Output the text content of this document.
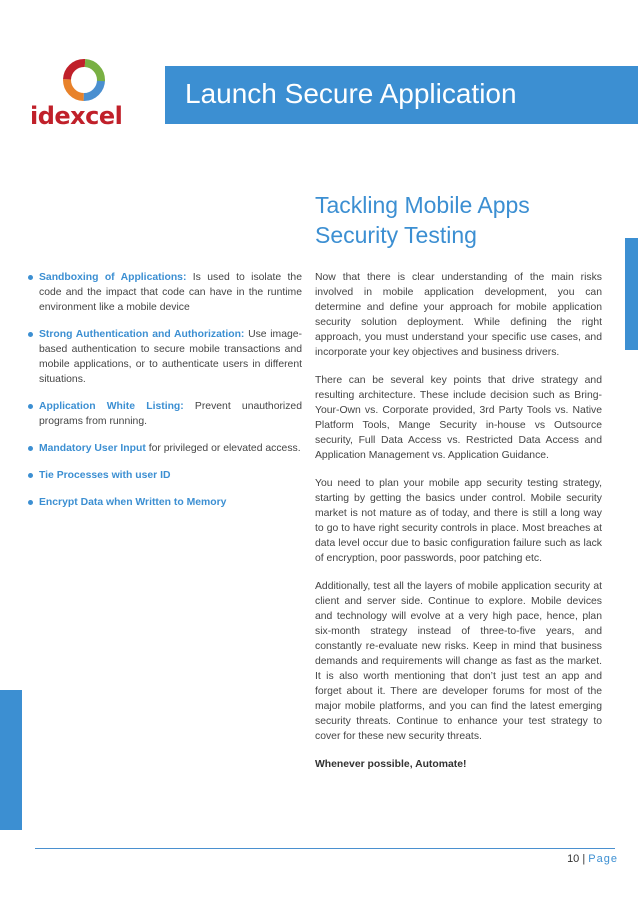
idexcel
Launch Secure Application
Tackling Mobile Apps Security Testing
Sandboxing of Applications: Is used to isolate the code and the impact that code can have in the runtime environment like a mobile device
Strong Authentication and Authorization: Use image-based authentication to secure mobile transactions and mobile applications, or to authenticate users in different situations.
Application White Listing: Prevent unauthorized programs from running.
Mandatory User Input for privileged or elevated access.
Tie Processes with user ID
Encrypt Data when Written to Memory

Now that there is clear understanding of the main risks involved in mobile application development, you can determine and define your approach for mobile application security solution deployment. While defining the right approach, you must understand your specific use cases, and incorporate your key objectives and business drivers.

There can be several key points that drive strategy and resulting architecture. These include decision such as Bring-Your-Own vs. Corporate provided, 3rd Party Tools vs. Native Platform Tools, Mange Security in-house vs Outsource security, Full Data Access vs. Restricted Data Access and Application Management vs. Application Guidance.

You need to plan your mobile app security testing strategy, starting by getting the basics under control. Mobile security market is not mature as of today, and there is still a long way to go to have right security controls in place. Most breaches at data level occur due to basic configuration failure such as lack of encryption, poor passwords, poor patching etc.

Additionally, test all the layers of mobile application security at client and server side. Continue to explore. Mobile devices and technology will evolve at a very high pace, hence, plan six-month strategy instead of three-to-five years, and constantly re-evaluate new risks. Keep in mind that business demands and requirements will change as fast as the market. It is also worth mentioning that don’t just test an app and forget about it. There are developer forums for most of the major mobile platforms, and you can find the latest emerging security threats. Continue to enhance your test strategy to cover for these new security threats.

Whenever possible, Automate!

10 | Page
